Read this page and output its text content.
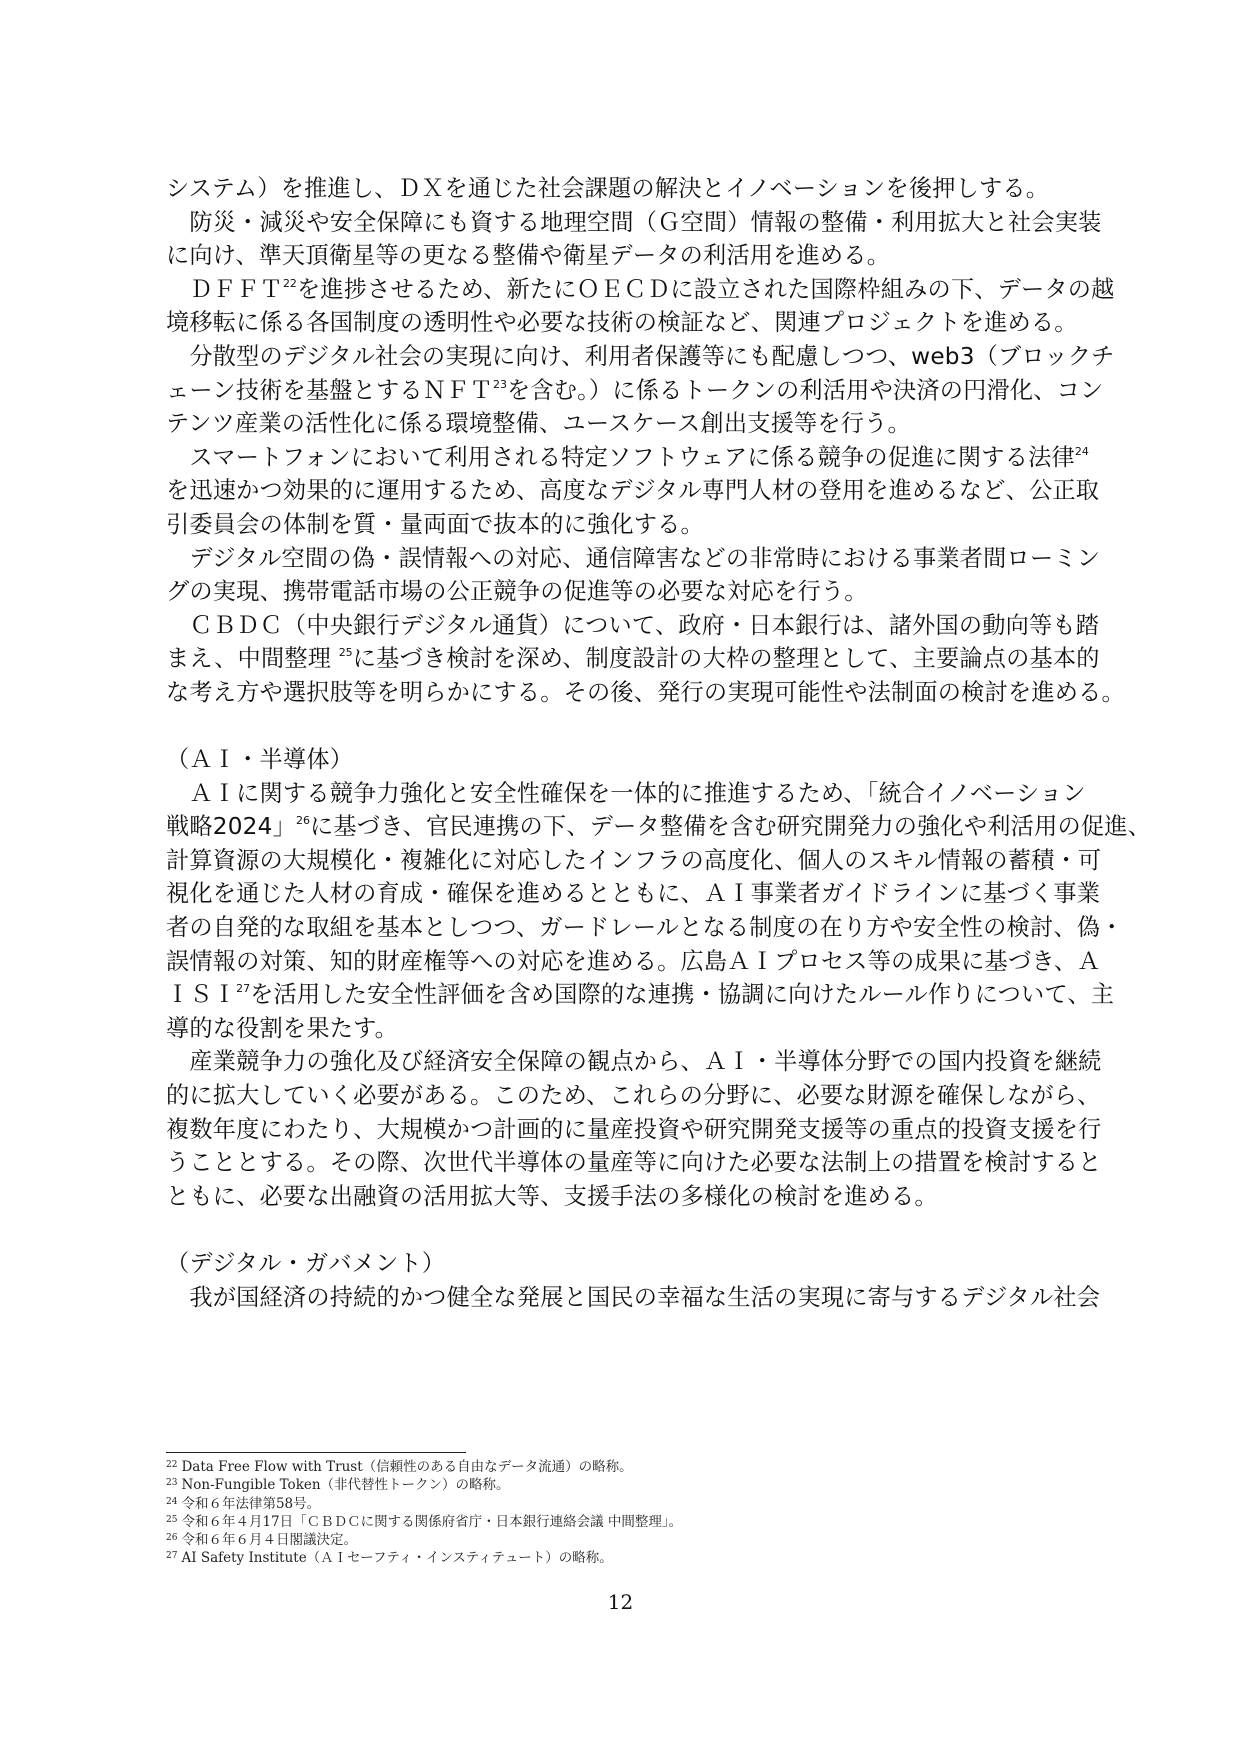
システム）を推進し、ＤＸを通じた社会課題の解決とイノベーションを後押しする。
　防災・減災や安全保障にも資する地理空間（Ｇ空間）情報の整備・利用拡大と社会実装
に向け、準天頂衛星等の更なる整備や衛星データの利活用を進める。
　ＤＦＦＴ$^{22}$を進捗させるため、新たにＯＥＣＤに設立された国際枠組みの下、データの越
境移転に係る各国制度の透明性や必要な技術の検証など、関連プロジェクトを進める。
　分散型のデジタル社会の実現に向け、利用者保護等にも配慮しつつ、web3（ブロックチ
ェーン技術を基盤とするＮＦＴ$^{23}$を含む。）に係るトークンの利活用や決済の円滑化、コン
テンツ産業の活性化に係る環境整備、ユースケース創出支援等を行う。
　スマートフォンにおいて利用される特定ソフトウェアに係る競争の促進に関する法律$^{24}$
を迅速かつ効果的に運用するため、高度なデジタル専門人材の登用を進めるなど、公正取
引委員会の体制を質・量両面で抜本的に強化する。
　デジタル空間の偽・誤情報への対応、通信障害などの非常時における事業者間ローミン
グの実現、携帯電話市場の公正競争の促進等の必要な対応を行う。
　ＣＢＤＣ（中央銀行デジタル通貨）について、政府・日本銀行は、諸外国の動向等も踏
まえ、中間整理 $^{25}$に基づき検討を深め、制度設計の大枠の整理として、主要論点の基本的
な考え方や選択肢等を明らかにする。その後、発行の実現可能性や法制面の検討を進める。
（ＡＩ・半導体）
　ＡＩに関する競争力強化と安全性確保を一体的に推進するため、「統合イノベーション
戦略2024」$^{26}$に基づき、官民連携の下、データ整備を含む研究開発力の強化や利活用の促進、
計算資源の大規模化・複雑化に対応したインフラの高度化、個人のスキル情報の蓄積・可
視化を通じた人材の育成・確保を進めるとともに、ＡＩ事業者ガイドラインに基づく事業
者の自発的な取組を基本としつつ、ガードレールとなる制度の在り方や安全性の検討、偽・
誤情報の対策、知的財産権等への対応を進める。広島ＡＩプロセス等の成果に基づき、Ａ
ＩＳＩ$^{27}$を活用した安全性評価を含め国際的な連携・協調に向けたルール作りについて、主
導的な役割を果たす。
　産業競争力の強化及び経済安全保障の観点から、ＡＩ・半導体分野での国内投資を継続
的に拡大していく必要がある。このため、これらの分野に、必要な財源を確保しながら、
複数年度にわたり、大規模かつ計画的に量産投資や研究開発支援等の重点的投資支援を行
うこととする。その際、次世代半導体の量産等に向けた必要な法制上の措置を検討すると
ともに、必要な出融資の活用拡大等、支援手法の多様化の検討を進める。
（デジタル・ガバメント）
　我が国経済の持続的かつ健全な発展と国民の幸福な生活の実現に寄与するデジタル社会
$^{22}$ Data Free Flow with Trust（信頼性のある自由なデータ流通）の略称。
$^{23}$ Non-Fungible Token（非代替性トークン）の略称。
$^{24}$ 令和６年法律第58号。
$^{25}$ 令和６年４月17日「ＣＢＤＣに関する関係府省庁・日本銀行連絡会議 中間整理」。
$^{26}$ 令和６年６月４日閣議決定。
$^{27}$ AI Safety Institute（ＡＩセーフティ・インスティテュート）の略称。
12
